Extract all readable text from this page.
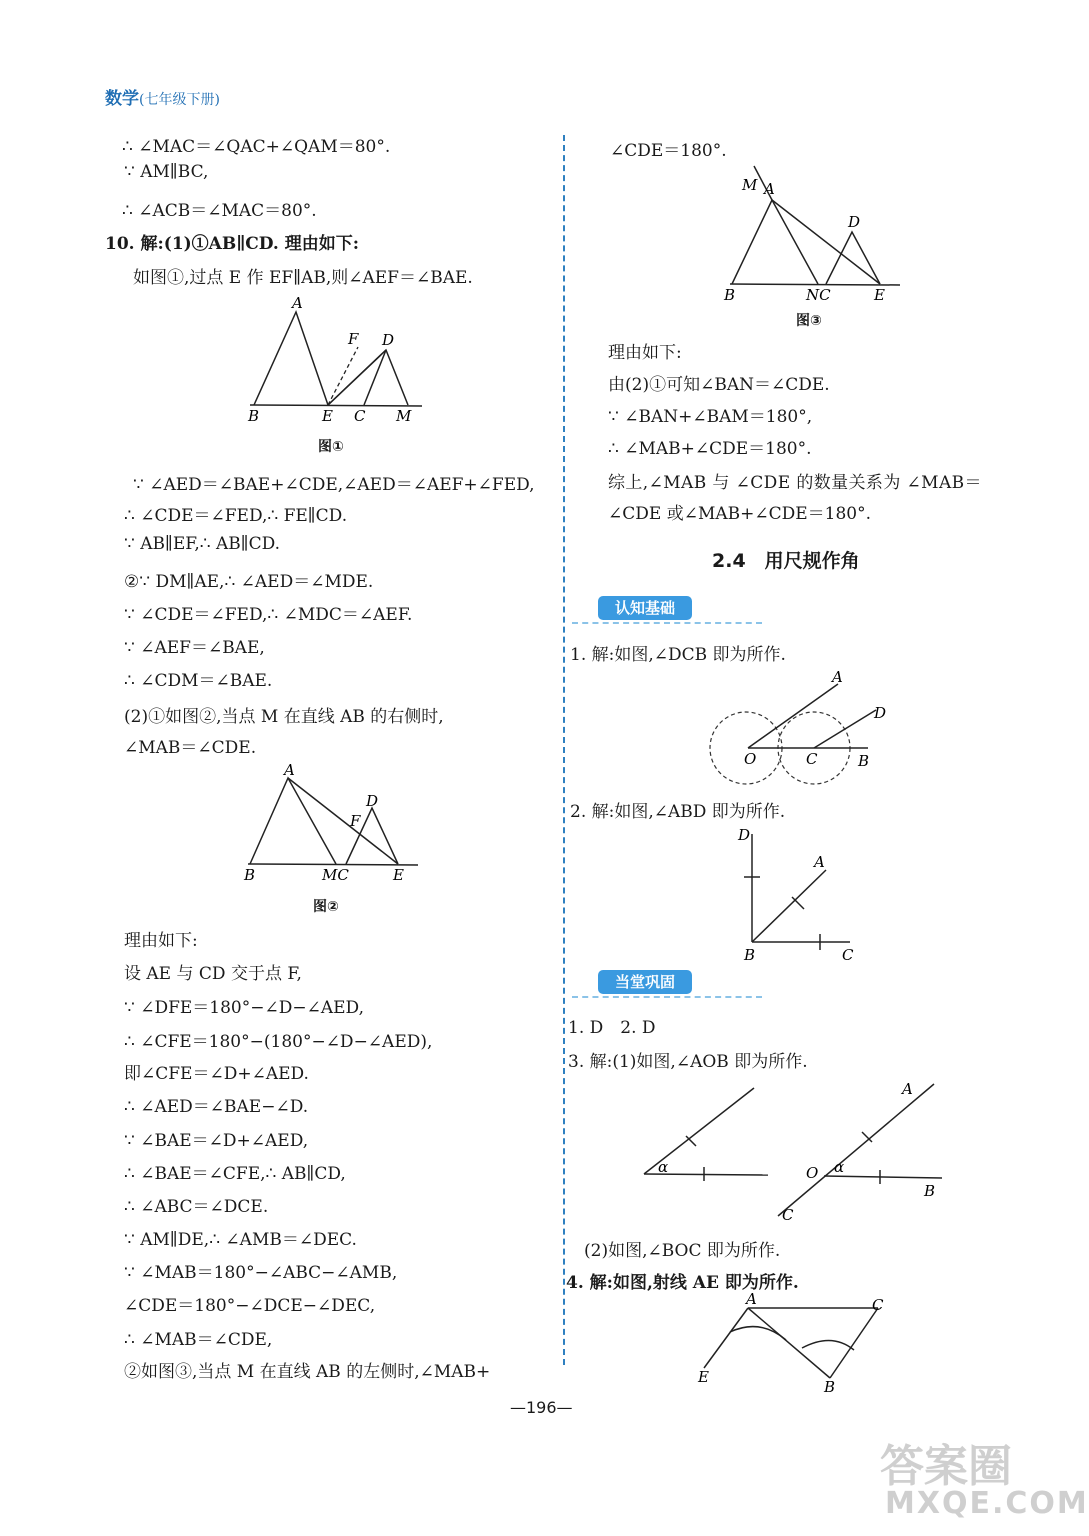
数学(七年级下册)
∴ ∠MAC＝∠QAC+∠QAM＝80°.
∵ AM∥BC,
∴ ∠ACB＝∠MAC＝80°.
10. 解:(1)①AB∥CD. 理由如下:
如图①,过点 E 作 EF∥AB,则∠AEF＝∠BAE.
A
F D
B	E C M
图①
∵ ∠AED＝∠BAE+∠CDE,∠AED＝∠AEF+∠FED,
∴ ∠CDE＝∠FED,∴ FE∥CD.
∵ AB∥EF,∴ AB∥CD.
②∵ DM∥AE,∴ ∠AED＝∠MDE.
∵ ∠CDE＝∠FED,∴ ∠MDC＝∠AEF.
∵ ∠AEF＝∠BAE,
∴ ∠CDM＝∠BAE.
(2)①如图②,当点 M 在直线 AB 的右侧时,
∠MAB＝∠CDE.
A
D
F
B	MC	E
图②
理由如下:
设 AE 与 CD 交于点 F,
∵ ∠DFE＝180°−∠D−∠AED,
∴ ∠CFE＝180°−(180°−∠D−∠AED),
即∠CFE＝∠D+∠AED.
∴ ∠AED＝∠BAE−∠D.
∵ ∠BAE＝∠D+∠AED,
∴ ∠BAE＝∠CFE,∴ AB∥CD,
∴ ∠ABC＝∠DCE.
∵ AM∥DE,∴ ∠AMB＝∠DEC.
∵ ∠MAB＝180°−∠ABC−∠AMB,
∠CDE＝180°−∠DCE−∠DEC,
∴ ∠MAB＝∠CDE,
②如图③,当点 M 在直线 AB 的左侧时,∠MAB+
∠CDE＝180°.
M A
D
B	NC	E
图③
理由如下:
由(2)①可知∠BAN＝∠CDE.
∵ ∠BAN+∠BAM＝180°,
∴ ∠MAB+∠CDE＝180°.
综上,∠MAB 与 ∠CDE 的数量关系为 ∠MAB＝
∠CDE 或∠MAB+∠CDE＝180°.
2.4　用尺规作角
认知基础
1. 解:如图,∠DCB 即为所作.
A
D
O	C	B
2. 解:如图,∠ABD 即为所作.
D
A
B	C
当堂巩固
1. D　2. D
3. 解:(1)如图,∠AOB 即为所作.
α
A
O α
B
C
(2)如图,∠BOC 即为所作.
4. 解:如图,射线 AE 即为所作.
A	C
E
B
—196—
答案圈
MXQE.COM
